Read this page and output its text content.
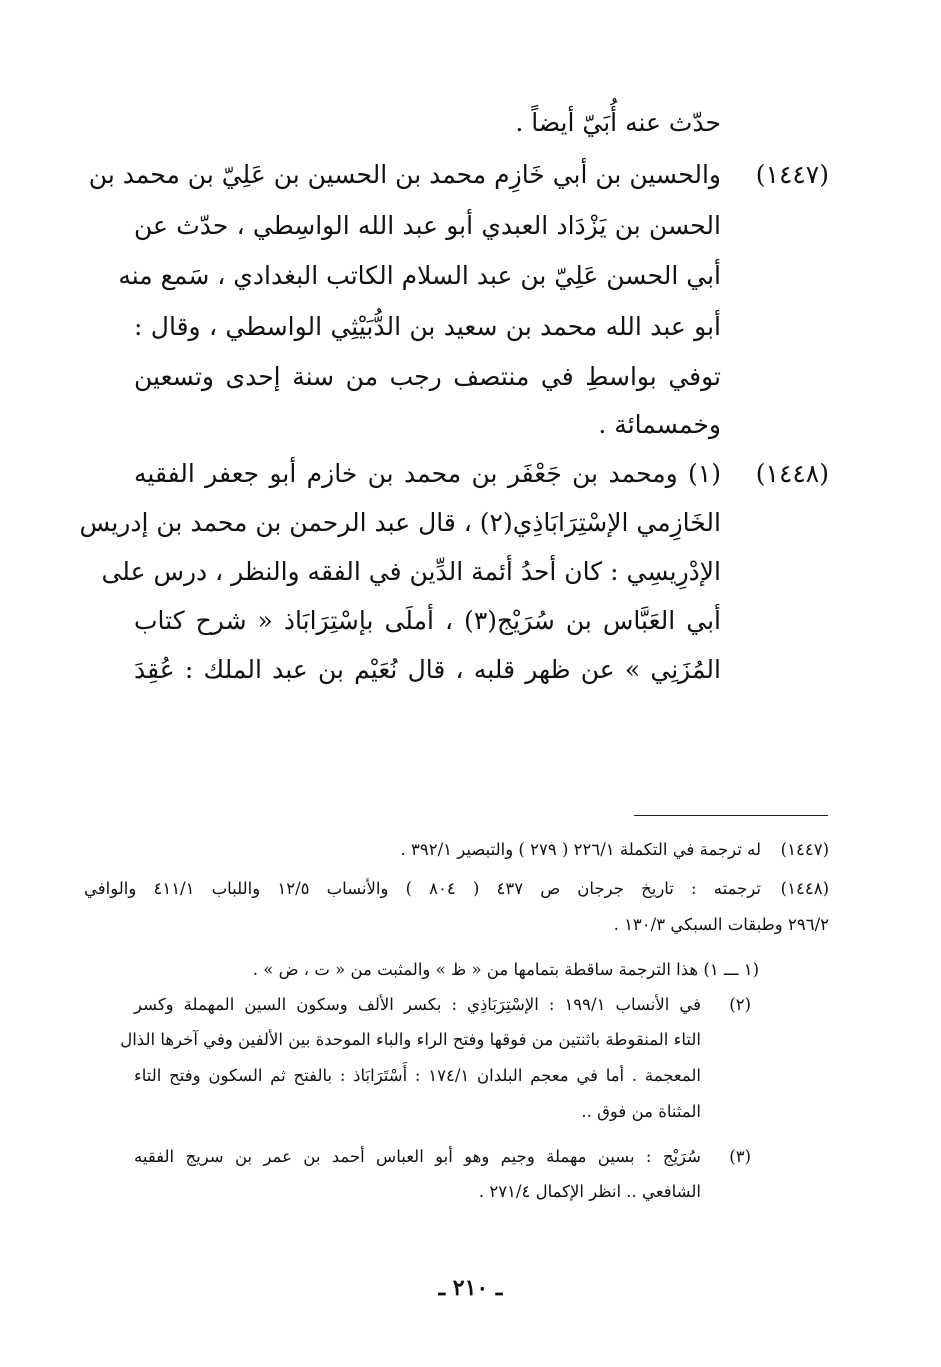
حدّث عنه أُبَيّ أيضاً .
(١٤٤٧)
والحسين بن أبي خَازِم محمد بن الحسين بن عَلِيّ بن محمد بن
الحسن بن يَزْدَاد العبدي أبو عبد الله الواسِطي ، حدّث عن
أبي الحسن عَلِيّ بن عبد السلام الكاتب البغدادي ، سَمع منه
أبو عبد الله محمد بن سعيد بن الدُّبَيْثِي الواسطي ، وقال :
توفي بواسطِ في منتصف رجب من سنة إحدى وتسعين
وخمسمائة .
(١٤٤٨)
(١) ومحمد بن جَعْفَر بن محمد بن خازم أبو جعفر الفقيه
الخَازِمي الإسْتِرَابَاذِي(٢) ، قال عبد الرحمن بن محمد بن إدريس
الإدْرِيسِي : كان أحدُ أئمة الدِّين في الفقه والنظر ، درس على
أبي العَبَّاس بن سُرَيْج(٣) ، أملَى بإسْتِرَابَاذ « شرح كتاب
المُزَنِي » عن ظهر قلبه ، قال نُعَيْم بن عبد الملك : عُقِدَ
(١٤٤٧)
له ترجمة في التكملة ٢٢٦/١ ( ٢٧٩ ) والتبصير ٣٩٢/١ .
(١٤٤٨)
ترجمته : تاريخ جرجان ص ٤٣٧ ( ٨٠٤ ) والأنساب ١٢/٥ واللباب ٤١١/١ والوافي
٢٩٦/٢ وطبقات السبكي ١٣٠/٣ .
(١ ـــ ١) هذا الترجمة ساقطة بتمامها من « ظ » والمثبت من « ت ، ض » .
(٢)
في الأنساب ١٩٩/١ : الإسْتِرَبَاذِي : بكسر الألف وسكون السين المهملة وكسر
التاء المنقوطة باثنتين من فوقها وفتح الراء والباء الموحدة بين الألفين وفي آخرها الذال
المعجمة . أما في معجم البلدان ١٧٤/١ : أَسْتَرَابَاذ : بالفتح ثم السكون وفتح التاء
المثناة من فوق ..
(٣)
سُرَيْج : بسين مهملة وجيم وهو أبو العباس أحمد بن عمر بن سريج الفقيه
الشافعي .. انظر الإكمال ٢٧١/٤ .
ـ ٢١٠ ـ
